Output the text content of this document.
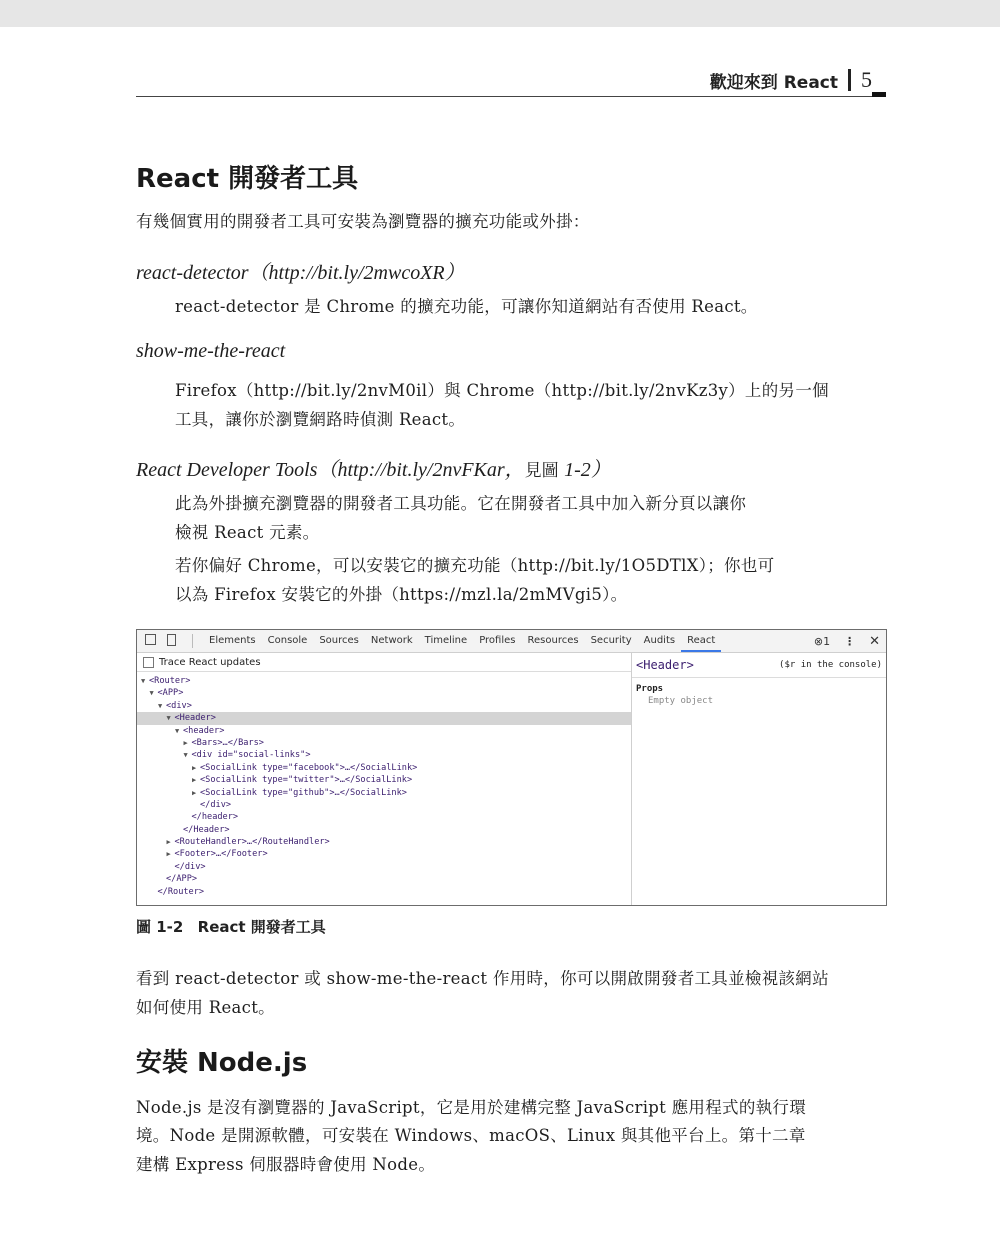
歡迎來到 React 5
React 開發者工具
有幾個實用的開發者工具可安裝為瀏覽器的擴充功能或外掛：
react-detector（http://bit.ly/2mwcoXR）
react-detector 是 Chrome 的擴充功能，可讓你知道網站有否使用 React。
show-me-the-react
Firefox（http://bit.ly/2nvM0il）與 Chrome（http://bit.ly/2nvKz3y）上的另一個
工具，讓你於瀏覽網路時偵測 React。
React Developer Tools（http://bit.ly/2nvFKar，見圖 1-2）
此為外掛擴充瀏覽器的開發者工具功能。它在開發者工具中加入新分頁以讓你
檢視 React 元素。
若你偏好 Chrome，可以安裝它的擴充功能（http://bit.ly/1O5DTlX）；你也可
以為 Firefox 安裝它的外掛（https://mzl.la/2mMVgi5）。
Elements	Console	Sources	Network	Timeline	Profiles	Resources	Security	Audits	React	⊗1 ⋮ ✕
Trace React updates
▼ <Router>
▼ <APP>
▼ <div>
▼ <Header>
▼ <header>
▶ <Bars>…</Bars>
▼ <div id="social-links">
▶ <SocialLink type="facebook">…</SocialLink>
▶ <SocialLink type="twitter">…</SocialLink>
▶ <SocialLink type="github">…</SocialLink>
</div>
</header>
</Header>
▶ <RouteHandler>…</RouteHandler>
▶ <Footer>…</Footer>
</div>
</APP>
</Router>
<Header>	($r in the console)
Props
Empty object
圖 1-2 React 開發者工具
看到 react-detector 或 show-me-the-react 作用時，你可以開啟開發者工具並檢視該網站
如何使用 React。
安裝 Node.js
Node.js 是沒有瀏覽器的 JavaScript，它是用於建構完整 JavaScript 應用程式的執行環
境。Node 是開源軟體，可安裝在 Windows、macOS、Linux 與其他平台上。第十二章
建構 Express 伺服器時會使用 Node。
